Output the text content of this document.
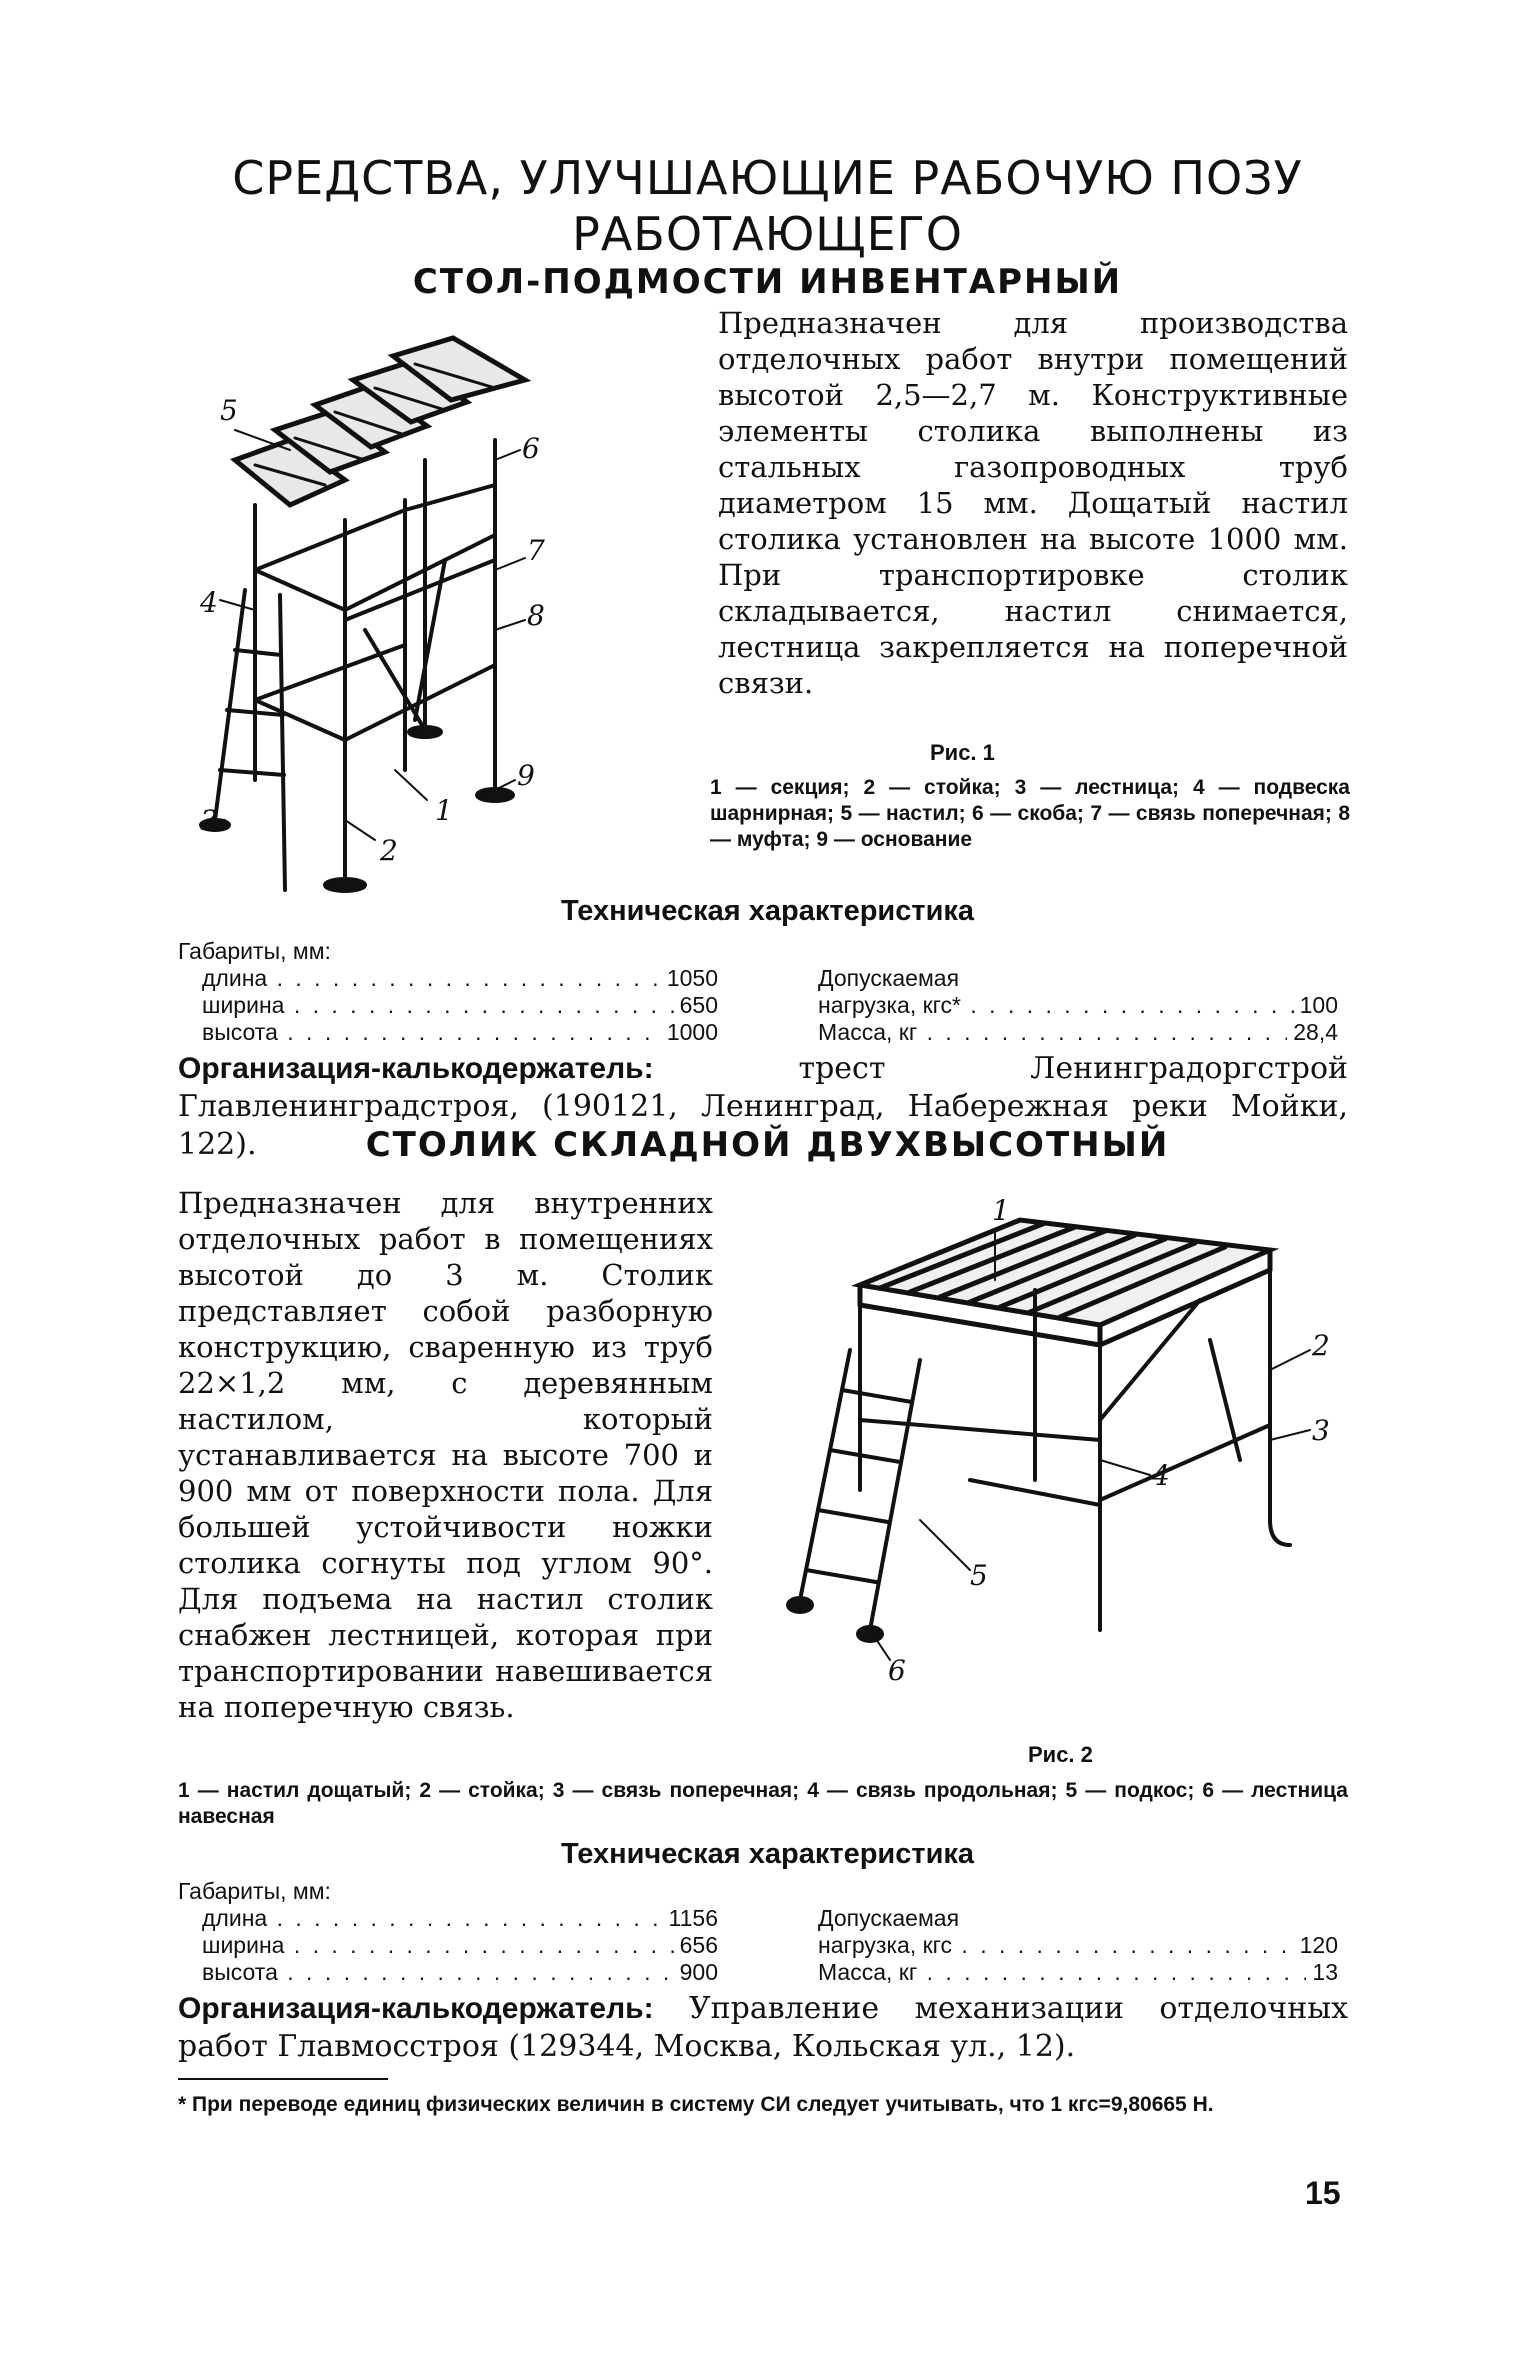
СРЕДСТВА, УЛУЧШАЮЩИЕ РАБОЧУЮ ПОЗУ
РАБОТАЮЩЕГО
СТОЛ-ПОДМОСТИ ИНВЕНТАРНЫЙ
1
2
3
4
5
6
7
8
9
Предназначен для производства отделочных работ внутри помещений высотой 2,5—2,7 м. Конструктивные элементы столика выполнены из стальных газопроводных труб диаметром 15 мм. Дощатый настил столика установлен на высоте 1000 мм. При транспортировке столик складывается, настил снимается, лестница закрепляется на поперечной связи.
Рис. 1
1 — секция; 2 — стойка; 3 — лестница; 4 — подвеска шарнирная; 5 — настил; 6 — скоба; 7 — связь поперечная; 8 — муфта; 9 — основание
Техническая характеристика
Габариты, мм:
длина . . .	1050
ширина . . .	650
высота . . .	1000
Допускаемая
нагрузка, кгс* . . .	100
Масса, кг . . .	28,4
Организация-калькодержатель:	трест Ленинградоргстрой Главленинградстроя, (190121, Ленинград, Набережная реки Мойки, 122).	СТОЛИК СКЛАДНОЙ ДВУХВЫСОТНЫЙ
Предназначен для внутренних отделочных работ в помещениях высотой до 3 м. Столик представляет собой разборную конструкцию, сваренную из труб 22×1,2 мм, с деревянным настилом, который устанавливается на высоте 700 и 900 мм от поверхности пола. Для большей устойчивости ножки столика согнуты под углом 90°. Для подъема на настил столик снабжен лестницей, которая при транспортировании навешивается на поперечную связь.
1
2
3
4
5
6
Рис. 2
1 — настил дощатый; 2 — стойка; 3 — связь поперечная; 4 — связь продольная; 5 — подкос; 6 — лестница навесная
Техническая характеристика
Габариты, мм:
длина . . .	1156
ширина . . .	656
высота . . .	900
Допускаемая
нагрузка, кгс . . .	120
Масса, кг . . .	13
Организация-калькодержатель: Управление механизации отделочных работ Главмосстроя (129344, Москва, Кольская ул., 12).
* При переводе единиц физических величин в систему СИ следует учитывать, что 1 кгс=9,80665 Н.
15
